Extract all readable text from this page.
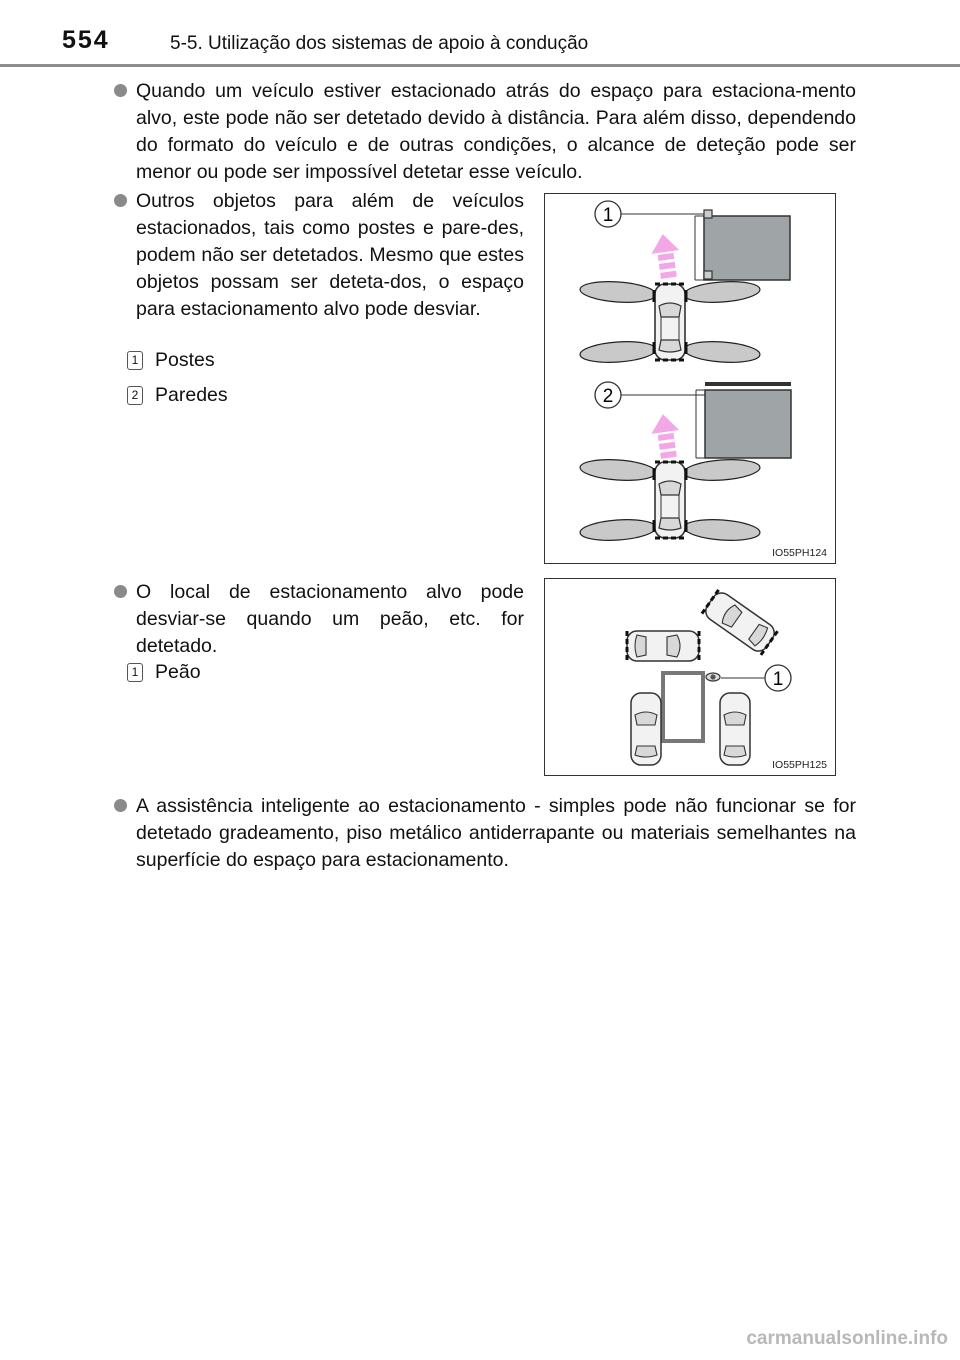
554	5-5. Utilização dos sistemas de apoio à condução

Quando um veículo estiver estacionado atrás do espaço para estaciona-mento alvo, este pode não ser detetado devido à distância. Para além disso, dependendo do formato do veículo e de outras condições, o alcance de deteção pode ser menor ou pode ser impossível detetar esse veículo.

Outros objetos para além de veículos estacionados, tais como postes e pare-des, podem não ser detetados. Mesmo que estes objetos possam ser deteta-dos, o espaço para estacionamento alvo pode desviar.

1 Postes
2 Paredes
1
2
IO55PH124

O local de estacionamento alvo pode desviar-se quando um peão, etc. for detetado.

1 Peão	1
IO55PH125

A assistência inteligente ao estacionamento - simples pode não funcionar se for detetado gradeamento, piso metálico antiderrapante ou materiais semelhantes na superfície do espaço para estacionamento.

carmanualsonline.info
